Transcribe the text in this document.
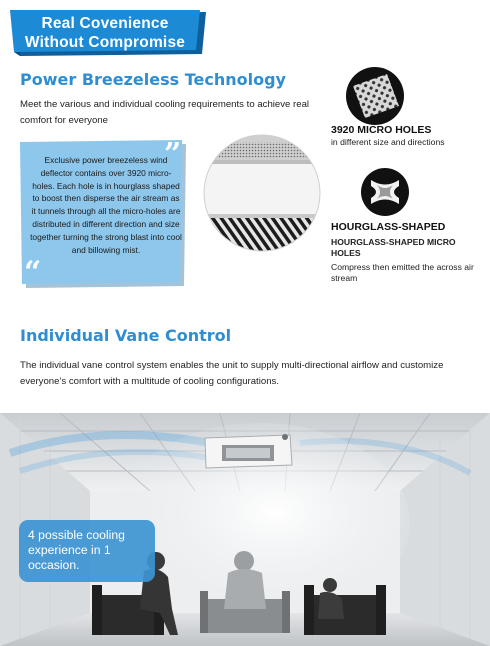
Real Covenience
Without Compromise
Power Breezeless Technology
Meet the various and individual cooling requirements to achieve real comfort for everyone
Exclusive power breezeless wind deflector contains over 3920 micro-holes. Each hole is in hourglass shaped to boost then disperse the air stream as it tunnels through all the micro-holes are distributed in different direction and size together turning the strong blast into cool and billowing mist.
”
“
3920 MICRO HOLES
in different size and directions
HOURGLASS-SHAPED
HOURGLASS-SHAPED MICRO HOLES
Compress then emitted the across air stream
Individual Vane Control
The individual vane control system enables the unit to supply multi-directional airflow and customize everyone’s comfort with a multitude of cooling configurations.
4 possible cooling experience in 1 occasion.
